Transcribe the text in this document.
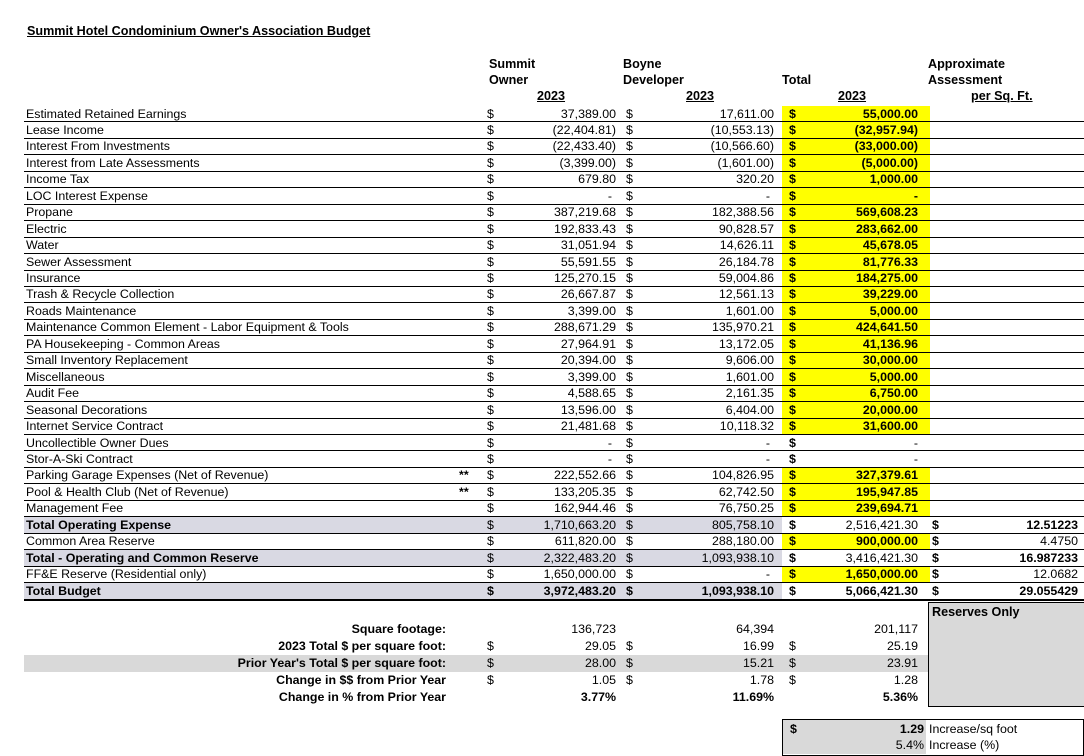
Summit Hotel Condominium Owner's Association Budget
Summit
Owner
Boyne
Developer	Total
Approximate
Assessment
per Sq. Ft.
2023	2023	2023
Estimated Retained Earnings	$	37,389.00 $	17,611.00 $	55,000.00
Lease Income	$	(22,404.81) $	(10,553.13) $	(32,957.94)
Interest From Investments	$	(22,433.40) $	(10,566.60) $	(33,000.00)
Interest from Late Assessments	$	(3,399.00) $	(1,601.00) $	(5,000.00)
Income Tax	$	679.80 $	320.20 $	1,000.00
LOC Interest Expense	$	-	$	-	$	-
Propane	$	387,219.68 $	182,388.56 $	569,608.23
Electric	$	192,833.43 $	90,828.57 $	283,662.00
Water	$	31,051.94 $	14,626.11 $	45,678.05
Sewer Assessment	$	55,591.55 $	26,184.78 $	81,776.33
Insurance	$	125,270.15 $	59,004.86 $	184,275.00
Trash & Recycle Collection	$	26,667.87 $	12,561.13 $	39,229.00
Roads Maintenance	$	3,399.00 $	1,601.00 $	5,000.00
Maintenance Common Element - Labor Equipment & Tools	$	288,671.29 $	135,970.21 $	424,641.50
PA Housekeeping - Common Areas	$	27,964.91 $	13,172.05 $	41,136.96
Small Inventory Replacement	$	20,394.00 $	9,606.00 $	30,000.00
Miscellaneous	$	3,399.00 $	1,601.00 $	5,000.00
Audit Fee	$	4,588.65 $	2,161.35 $	6,750.00
Seasonal Decorations	$	13,596.00 $	6,404.00 $	20,000.00
Internet Service Contract	$	21,481.68 $	10,118.32 $	31,600.00
Uncollectible Owner Dues	$	-	$	-	$	-
Stor-A-Ski Contract	$	-	$	-	$	-
Parking Garage Expenses (Net of Revenue)	**	$	222,552.66 $	104,826.95 $	327,379.61
Pool & Health Club (Net of Revenue)	**	$	133,205.35 $	62,742.50 $	195,947.85
Management Fee	$	162,944.46 $	76,750.25 $	239,694.71
Total Operating Expense	$	1,710,663.20 $	805,758.10 $	2,516,421.30 $	12.51223
Common Area Reserve	$	611,820.00 $	288,180.00 $	900,000.00 $	4.4750
Total - Operating and Common Reserve	$	2,322,483.20 $	1,093,938.10 $	3,416,421.30 $	16.987233
FF&E Reserve (Residential only)	$	1,650,000.00 $	-	$	1,650,000.00 $	12.0682
Total Budget	$	3,972,483.20 $	1,093,938.10 $	5,066,421.30 $	29.055429
Square footage:	136,723	64,394	201,117
2023 Total $ per square foot:	$	29.05 $	16.99 $	25.19
Prior Year's Total $ per square foot:	$	28.00 $	15.21 $	23.91
Change in $$ from Prior Year	$	1.05 $	1.78 $	1.28
Change in % from Prior Year	3.77%	11.69%	5.36%
Reserves Only
$	1.29 Increase/sq foot
5.4% Increase (%)
